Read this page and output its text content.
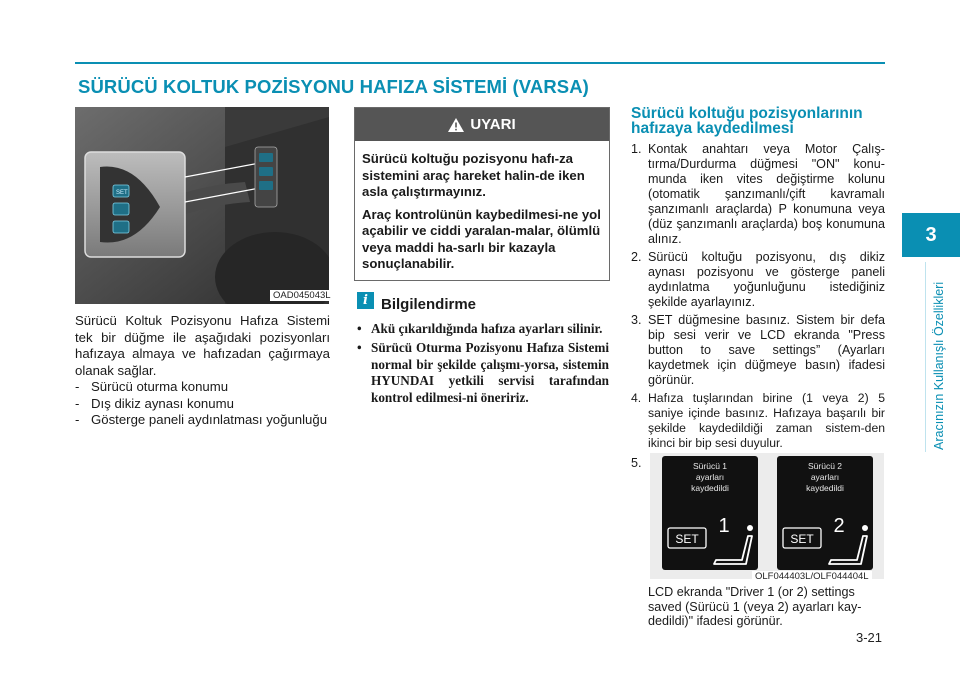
SÜRÜCÜ KOLTUK POZİSYONU HAFIZA SİSTEMİ (VARSA)
3
Aracınızın Kullanışlı Özellikleri
SET
OAD045043L
Sürücü Koltuk Pozisyonu Hafıza Sistemi tek bir düğme ile aşağıdaki pozisyonları hafızaya almaya ve hafızadan çağırmaya olanak sağlar.
- Sürücü oturma konumu
- Dış dikiz aynası konumu
- Gösterge paneli aydınlatması yoğunluğu
UYARI

Sürücü koltuğu pozisyonu hafı-za sistemini araç hareket halin-de iken asla çalıştırmayınız.

Araç kontrolünün kaybedilmesi-ne yol açabilir ve ciddi yaralan-malar, ölümlü veya maddi ha-sarlı bir kazayla sonuçlanabilir.

i Bilgilendirme
• Akü çıkarıldığında hafıza ayarları silinir.
• Sürücü Oturma Pozisyonu Hafıza Sistemi normal bir şekilde çalışmı-yorsa, sistemin HYUNDAI yetkili servisi tarafından kontrol edilmesi-ni öneririz.
Sürücü koltuğu pozisyonlarının hafızaya kaydedilmesi
1. Kontak anahtarı veya Motor Çalış-tırma/Durdurma düğmesi "ON" konu-munda iken vites değiştirme kolunu (otomatik şanzımanlı/çift kavramalı şanzımanlı araçlarda) P konumuna veya (düz şanzımanlı araçlarda) boş konumuna alınız.
2. Sürücü koltuğu pozisyonu, dış dikiz aynası pozisyonu ve gösterge paneli aydınlatma yoğunluğunu istediğiniz şekilde ayarlayınız.
3. SET düğmesine basınız. Sistem bir defa bip sesi verir ve LCD ekranda "Press button to save settings” (Ayarları kaydetmek için düğmeye basın) ifadesi görünür.
4. Hafıza tuşlarından birine (1 veya 2) 5 saniye içinde basınız. Hafızaya başarılı bir şekilde kaydedildiği zaman sistem-den ikinci bir bip sesi duyulur.
5.	Sürücü 1
ayarları
kaydedildi
SET
1
Sürücü 2
ayarları
kaydedildi
SET
2
OLF044403L/OLF044404L
LCD ekranda "Driver 1 (or 2) settings saved (Sürücü 1 (veya 2) ayarları kay-dedildi)" ifadesi görünür.
3-21
